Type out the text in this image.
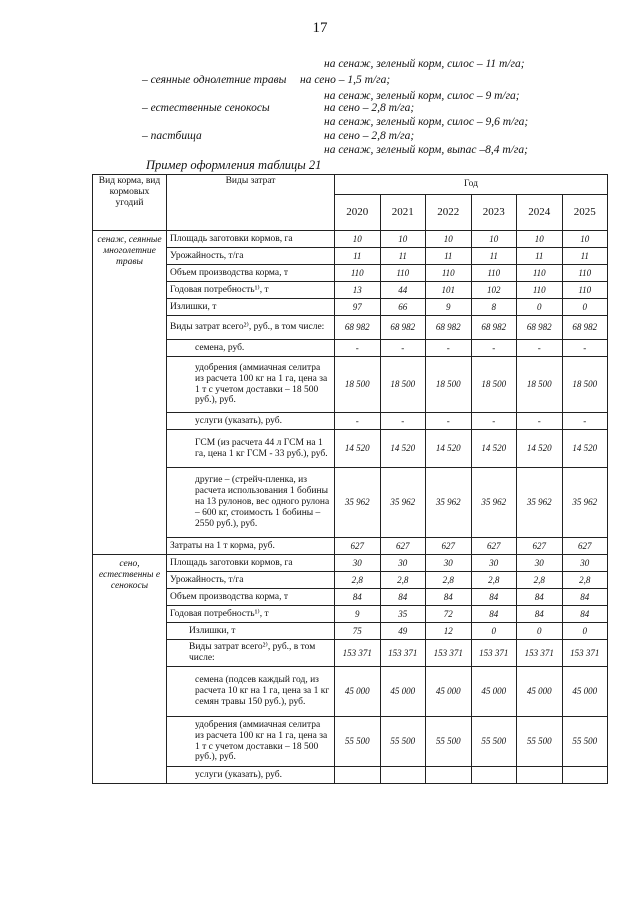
17
на сенаж, зеленый корм, силос – 11 т/га;
– сеянные однолетние травы на сено – 1,5 т/га;
на сенаж, зеленый корм, силос – 9 т/га;
– естественные сенокосы	на сено – 2,8 т/га;
на сенаж, зеленый корм, силос – 9,6 т/га;
– пастбища	на сено – 2,8 т/га;
на сенаж, зеленый корм, выпас –8,4 т/га;
Пример оформления таблицы 21
Вид корма, вид кормовых угодий	Виды затрат	Год					
		2020	2021	2022	2023	2024	2025
сенаж, сеянные многолетние травы	Площадь заготовки кормов, га	10	10	10	10	10	10
	Урожайность, т/га	11	11	11	11	11	11
	Объем производства корма, т	110	110	110	110	110	110
	Годовая потребность¹⁾, т	13	44	101	102	110	110
	Излишки, т	97	66	9	8	0	0
	Виды затрат всего²⁾, руб., в том числе:	68 982	68 982	68 982	68 982	68 982	68 982
	семена, руб.	-	-	-	-	-	-
	удобрения (аммиачная селитра из расчета 100 кг на 1 га, цена за 1 т с учетом доставки – 18 500 руб.), руб.	18 500	18 500	18 500	18 500	18 500	18 500
	услуги (указать), руб.	-	-	-	-	-	-
	ГСМ (из расчета 44 л ГСМ на 1 га, цена 1 кг ГСМ - 33 руб.), руб.	14 520	14 520	14 520	14 520	14 520	14 520
	другие – (стрейч-пленка, из расчета использования 1 бобины на 13 рулонов, вес одного рулона – 600 кг, стоимость 1 бобины – 2550 руб.), руб.	35 962	35 962	35 962	35 962	35 962	35 962
	Затраты на 1 т корма, руб.	627	627	627	627	627	627
сено, естественны е сенокосы	Площадь заготовки кормов, га	30	30	30	30	30	30
	Урожайность, т/га	2,8	2,8	2,8	2,8	2,8	2,8
	Объем производства корма, т	84	84	84	84	84	84
	Годовая потребность¹⁾, т	9	35	72	84	84	84
	Излишки, т	75	49	12	0	0	0
	Виды затрат всего²⁾, руб., в том числе:	153 371	153 371	153 371	153 371	153 371	153 371
	семена (подсев каждый год, из расчета 10 кг на 1 га, цена за 1 кг семян травы 150 руб.), руб.	45 000	45 000	45 000	45 000	45 000	45 000
	удобрения (аммиачная селитра из расчета 100 кг на 1 га, цена за 1 т с учетом доставки – 18 500 руб.), руб.	55 500	55 500	55 500	55 500	55 500	55 500
	услуги (указать), руб.						
